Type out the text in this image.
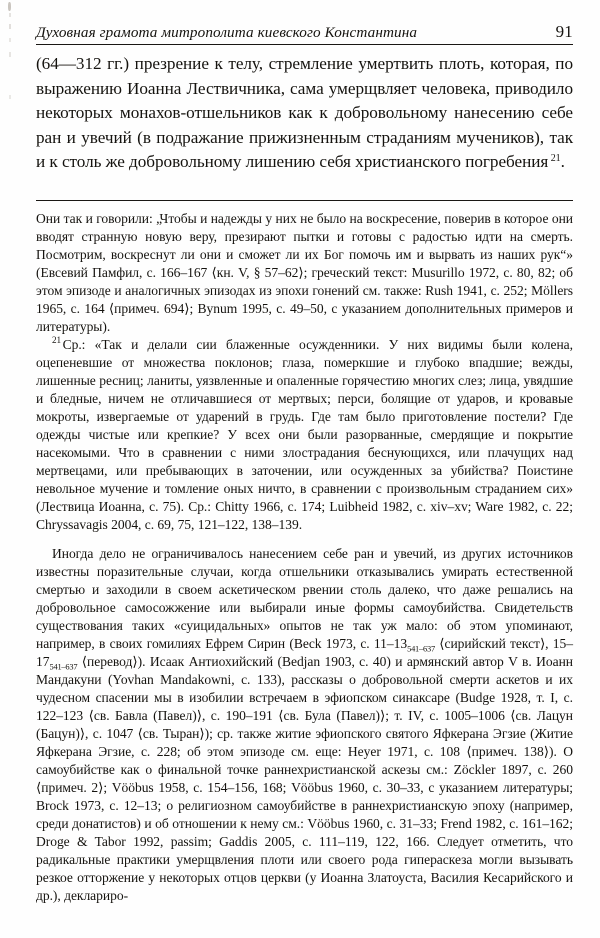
Духовная грамота митрополита киевского Константина	91

(64—312 гг.) презрение к телу, стремление умертвить плоть, которая, по выражению Иоанна Лествичника, сама умерщвляет человека, приводило некоторых монахов-отшельников как к добровольному нанесению себе ран и увечий (в подражание прижизненным страданиям мучеников), так и к столь же добровольному лишению себя христианского погребения $^{21}$.

Они так и говорили: „Чтобы и надежды у них не было на воскресение, поверив в которое они вводят странную новую веру, презирают пытки и готовы с радостью идти на смерть. Посмотрим, воскреснут ли они и сможет ли их Бог помочь им и вырвать из наших рук“» (Евсевий Памфил, с. 166–167 ⟨кн. V, § 57–62⟩; греческий текст: Musurillo 1972, с. 80, 82; об этом эпизоде и аналогичных эпизодах из эпохи гонений см. также: Rush 1941, с. 252; Möllers 1965, с. 164 ⟨примеч. 694⟩; Bynum 1995, с. 49–50, с указанием дополнительных примеров и литературы).

$^{21}$ Ср.: «Так и делали сии блаженные осужденники. У них видимы были колена, оцепеневшие от множества поклонов; глаза, померкшие и глубоко впадшие; вежды, лишенные ресниц; ланиты, уязвленные и опаленные горячестию многих слез; лица, увядшие и бледные, ничем не отличавшиеся от мертвых; перси, болящие от ударов, и кровавые мокроты, извергаемые от ударений в грудь. Где там было приготовление постели? Где одежды чистые или крепкие? У всех они были разорванные, смердящие и покрытие насекомыми. Что в сравнении с ними злострадания беснующихся, или плачущих над мертвецами, или пребывающих в заточении, или осужденных за убийства? Поистине невольное мучение и томление оных ничто, в сравнении с произвольным страданием сих» (Лествица Иоанна, с. 75). Ср.: Chitty 1966, с. 174; Luibheid 1982, с. xiv–xv; Ware 1982, с. 22; Chryssavagis 2004, с. 69, 75, 121–122, 138–139.

Иногда дело не ограничивалось нанесением себе ран и увечий, из других источников известны поразительные случаи, когда отшельники отказывались умирать естественной смертью и заходили в своем аскетическом рвении столь далеко, что даже решались на добровольное самосожжение или выбирали иные формы самоубийства. Свидетельств существования таких «суицидальных» опытов не так уж мало: об этом упоминают, например, в своих гомилиях Ефрем Сирин (Beck 1973, с. $11-13_{541-637}$ ⟨сирийский текст⟩, $15-17_{541-637}$ ⟨перевод⟩). Исаак Антиохийский (Bedjan 1903, с. 40) и армянский автор V в. Иоанн Мандакуни (Yovhan Mandakowni, с. 133), рассказы о добровольной смерти аскетов и их чудесном спасении мы в изобилии встречаем в эфиопском синаксаре (Budge 1928, т. I, с. 122–123 ⟨св. Бавла (Павел)⟩, с. 190–191 ⟨св. Була (Павел)⟩; т. IV, с. 1005–1006 ⟨св. Лацун (Бацун)⟩, с. 1047 ⟨св. Тыран⟩); ср. также житие эфиопского святого Яфкерана Эгзие (Житие Яфкерана Эгзие, с. 228; об этом эпизоде см. еще: Heyer 1971, с. 108 ⟨примеч. 138⟩). О самоубийстве как о финальной точке раннехристианской аскезы см.: Zöckler 1897, с. 260 ⟨примеч. 2⟩; Vööbus 1958, с. 154–156, 168; Vööbus 1960, с. 30–33, с указанием литературы; Brock 1973, с. 12–13; о религиозном самоубийстве в раннехристианскую эпоху (например, среди донатистов) и об отношении к нему см.: Vööbus 1960, с. 31–33; Frend 1982, с. 161–162; Droge & Tabor 1992, passim; Gaddis 2005, с. 111–119, 122, 166. Следует отметить, что радикальные практики умерщвления плоти или своего рода гипераскеза могли вызывать резкое отторжение у некоторых отцов церкви (у Иоанна Златоуста, Василия Кесарийского и др.), деклариро-
